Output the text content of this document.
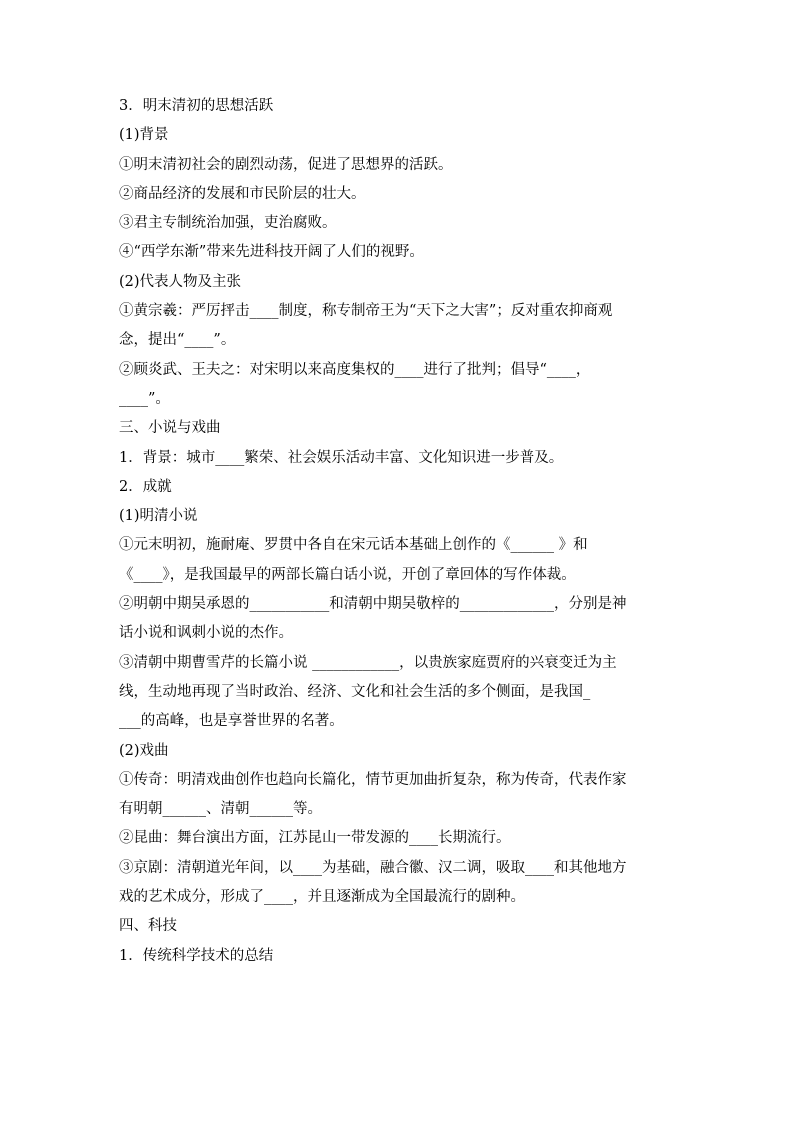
3．明末清初的思想活跃
(1)背景
①明末清初社会的剧烈动荡，促进了思想界的活跃。
②商品经济的发展和市民阶层的壮大。
③君主专制统治加强，吏治腐败。
④“西学东渐”带来先进科技开阔了人们的视野。
(2)代表人物及主张
①黄宗羲：严厉抨击____制度，称专制帝王为“天下之大害”；反对重农抑商观
念，提出“____”。
②顾炎武、王夫之：对宋明以来高度集权的____进行了批判；倡导“____，
____”。
三、小说与戏曲
1．背景：城市____繁荣、社会娱乐活动丰富、文化知识进一步普及。
2．成就
(1)明清小说
①元末明初，施耐庵、罗贯中各自在宋元话本基础上创作的《______ 》和
《____》，是我国最早的两部长篇白话小说，开创了章回体的写作体裁。
②明朝中期吴承恩的___________和清朝中期吴敬梓的_____________，分别是神
话小说和讽刺小说的杰作。
③清朝中期曹雪芹的长篇小说 ____________，以贵族家庭贾府的兴衰变迁为主
线，生动地再现了当时政治、经济、文化和社会生活的多个侧面，是我国_
___的高峰，也是享誉世界的名著。
(2)戏曲
①传奇：明清戏曲创作也趋向长篇化，情节更加曲折复杂，称为传奇，代表作家
有明朝______、清朝______等。
②昆曲：舞台演出方面，江苏昆山一带发源的____长期流行。
③京剧：清朝道光年间，以____为基础，融合徽、汉二调，吸取____和其他地方
戏的艺术成分，形成了____，并且逐渐成为全国最流行的剧种。
四、科技
1．传统科学技术的总结
